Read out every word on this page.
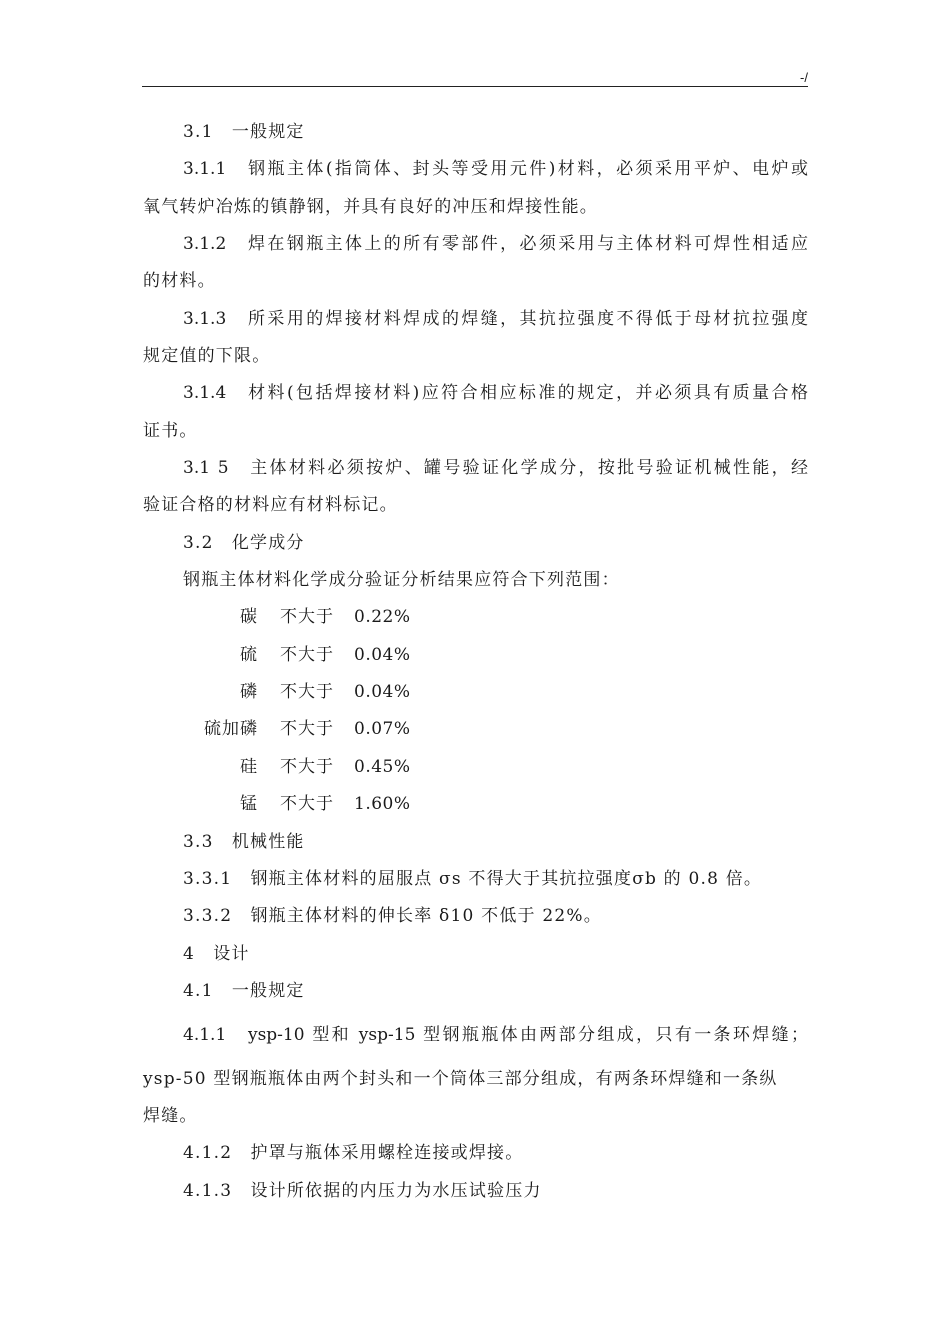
-/
3.1　一般规定
3.1.1　钢瓶主体(指筒体、封头等受用元件)材料，必须采用平炉、电炉或
氧气转炉冶炼的镇静钢，并具有良好的冲压和焊接性能。
3.1.2　焊在钢瓶主体上的所有零部件，必须采用与主体材料可焊性相适应
的材料。
3.1.3　所采用的焊接材料焊成的焊缝，其抗拉强度不得低于母材抗拉强度
规定值的下限。
3.1.4　材料(包括焊接材料)应符合相应标准的规定，并必须具有质量合格
证书。
3.1 5　主体材料必须按炉、罐号验证化学成分，按批号验证机械性能，经
验证合格的材料应有材料标记。
3.2　化学成分
钢瓶主体材料化学成分验证分析结果应符合下列范围：
碳 不大于 0.22%
硫 不大于 0.04%
磷 不大于 0.04%
硫加磷 不大于 0.07%
硅 不大于 0.45%
锰 不大于 1.60%
3.3　机械性能
3.3.1　钢瓶主体材料的屈服点 σs 不得大于其抗拉强度σb 的 0.8 倍。
3.3.2　钢瓶主体材料的伸长率 δ10 不低于 22%。
4　设计
4.1　一般规定
4.1.1　ysp-10 型和 ysp-15 型钢瓶瓶体由两部分组成，只有一条环焊缝；
ysp-50 型钢瓶瓶体由两个封头和一个筒体三部分组成，有两条环焊缝和一条纵
焊缝。
4.1.2　护罩与瓶体采用螺栓连接或焊接。
4.1.3　设计所依据的内压力为水压试验压力
